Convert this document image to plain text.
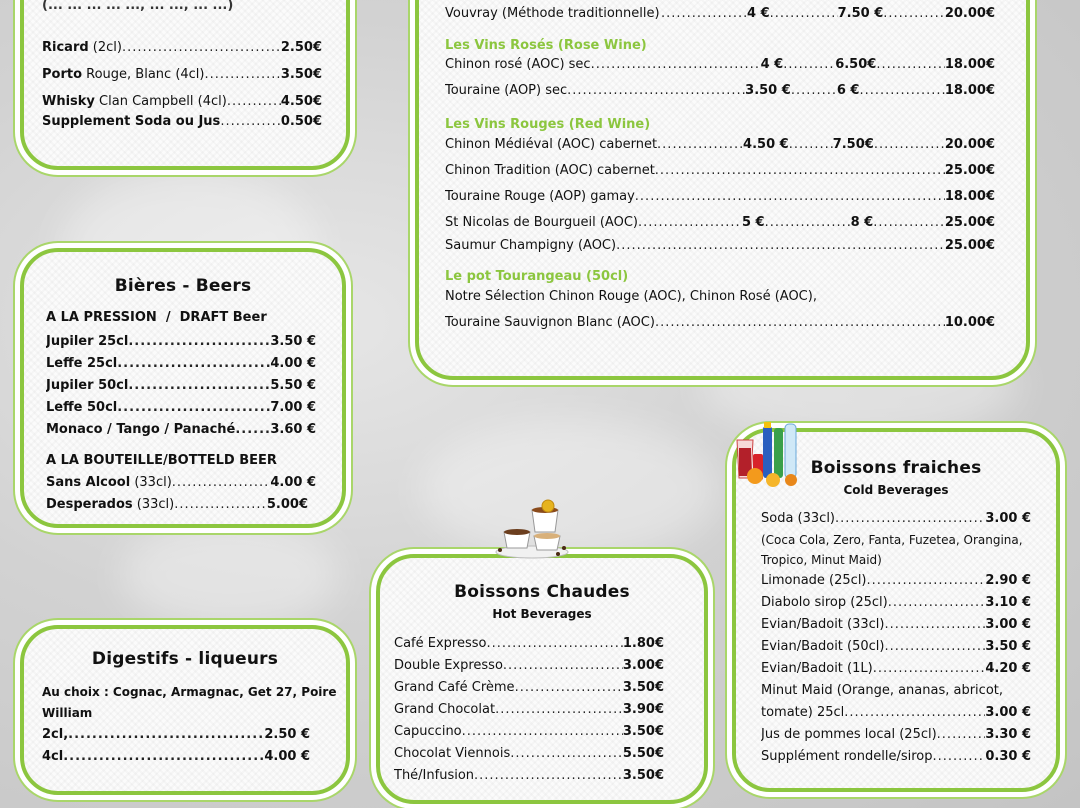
(... ... ... ... ..., ... ..., ... ...)
Ricard (2cl) .....	2.50€
Porto Rouge, Blanc (4cl) .....	3.50€
Whisky Clan Campbell (4cl) .....	4.50€
Supplement Soda ou Jus .....	0.50€
Bières - Beers
A LA PRESSION  /  DRAFT Beer
Jupiler 25cl .....	3.50 €
Leffe 25cl .....	4.00 €
Jupiler 50cl .....	5.50 €
Leffe 50cl .....	7.00 €
Monaco / Tango / Panaché .....	3.60 €
A LA BOUTEILLE/BOTTELD BEER
Sans Alcool (33cl) .....	4.00 €
Desperados (33cl) .....	5.00€
Digestifs - liqueurs
Au choix : Cognac, Armagnac, Get 27, Poire
William
2cl, .....	2.50 €
4cl .....	4.00 €
Vouvray (Méthode traditionnelle) .....	4 € .....	7.50 € .....	20.00€
Les Vins Rosés (Rose Wine)
Chinon rosé (AOC) sec .....	4 € .....	6.50€ .....	18.00€
Touraine (AOP) sec .....	3.50 € .....	6 € .....	18.00€
Les Vins Rouges (Red Wine)
Chinon Médiéval (AOC) cabernet .....	4.50 € .....	7.50€ .....	20.00€
Chinon Tradition (AOC) cabernet .....	25.00€
Touraine Rouge (AOP) gamay .....	18.00€
St Nicolas de Bourgueil (AOC) .....	5 € .....	8 € .....	25.00€
Saumur Champigny (AOC) .....	25.00€
Le pot Tourangeau (50cl)
Notre Sélection Chinon Rouge (AOC), Chinon Rosé (AOC),
Touraine Sauvignon Blanc (AOC) .....	10.00€
Boissons Chaudes
Hot Beverages
Café Expresso .....	1.80€
Double Expresso .....	3.00€
Grand Café Crème .....	3.50€
Grand Chocolat .....	3.90€
Capuccino .....	3.50€
Chocolat Viennois .....	5.50€
Thé/Infusion .....	3.50€
Boissons fraiches
Cold Beverages
Soda (33cl) .....	3.00 €
(Coca Cola, Zero, Fanta, Fuzetea, Orangina,
Tropico, Minut Maid)
Limonade (25cl) .....	2.90 €
Diabolo sirop (25cl) .....	3.10 €
Evian/Badoit (33cl) .....	3.00 €
Evian/Badoit (50cl) .....	3.50 €
Evian/Badoit (1L) .....	4.20 €
Minut Maid (Orange, ananas, abricot,
tomate) 25cl .....	3.00 €
Jus de pommes local (25cl) .....	3.30 €
Supplément rondelle/sirop .....	0.30 €
